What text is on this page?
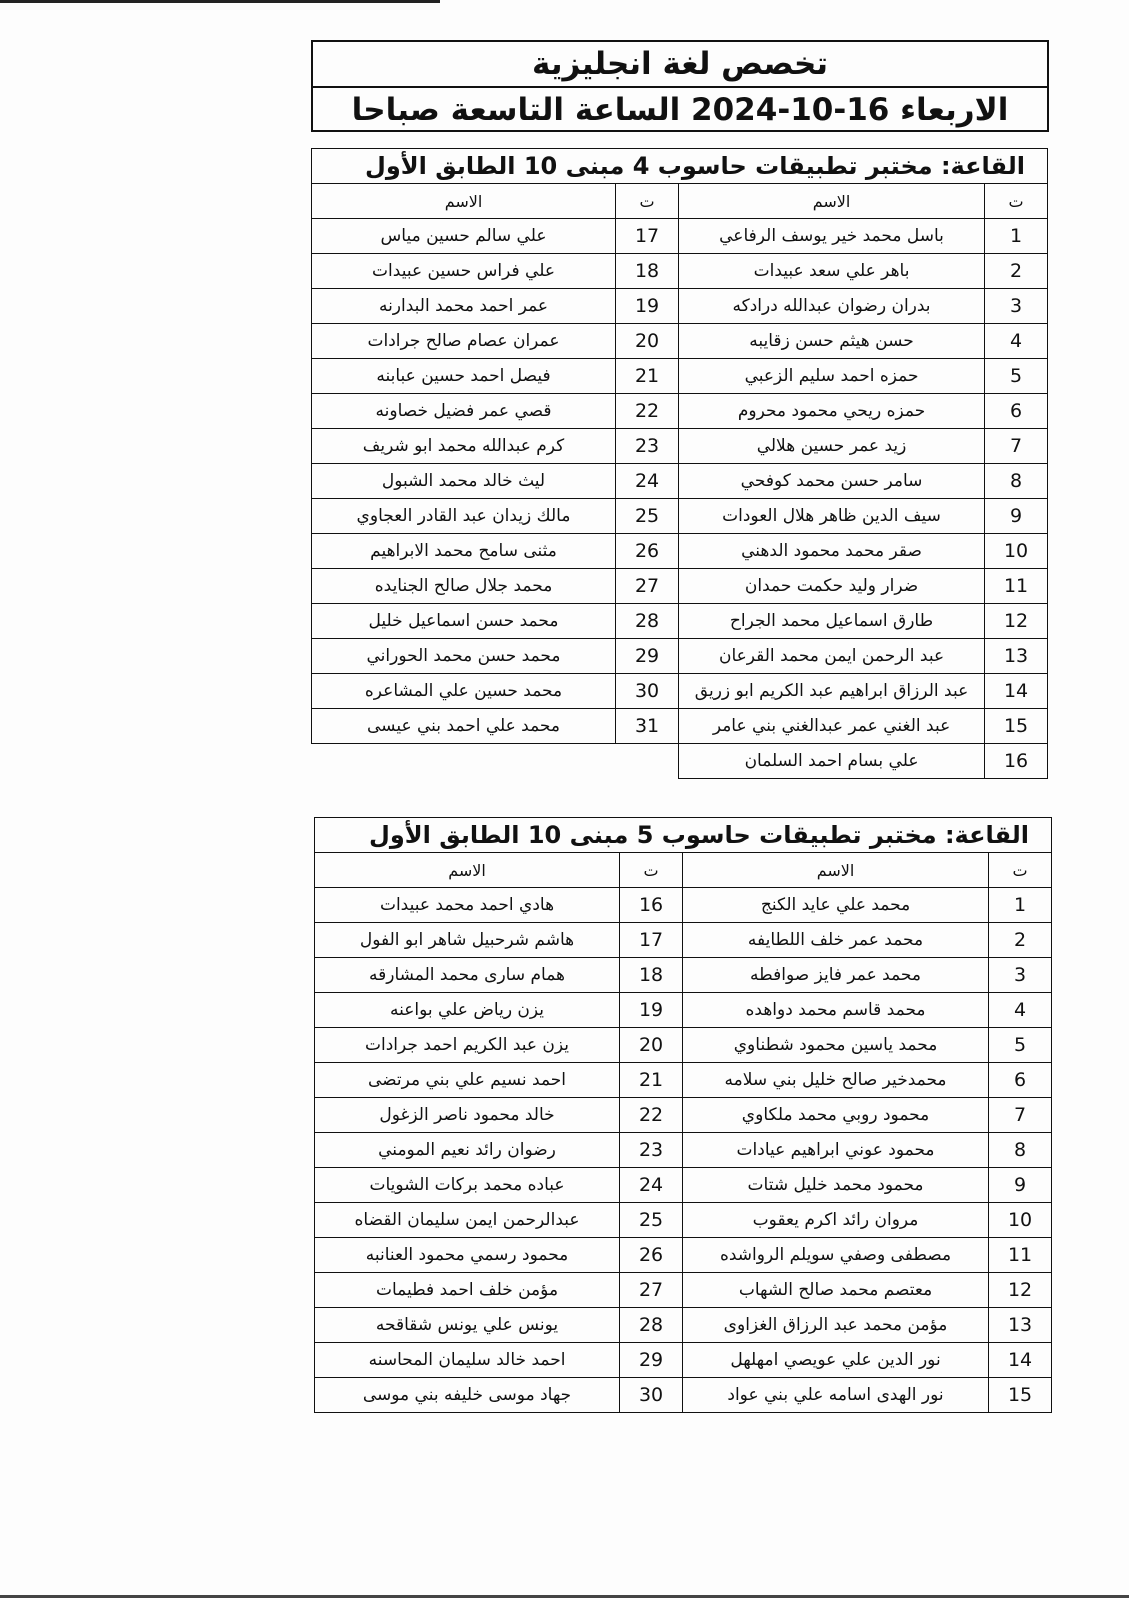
تخصص لغة انجليزية
الاربعاء 16-10-2024 الساعة التاسعة صباحا
القاعة: مختبر تطبيقات حاسوب 4 مبنى 10 الطابق الأول			
ت	الاسم	ت	الاسم
1	باسل محمد خير يوسف الرفاعي	17	علي سالم حسين مياس
2	باهر علي سعد عبيدات	18	علي فراس حسين عبيدات
3	بدران رضوان عبدالله درادكه	19	عمر احمد محمد البدارنه
4	حسن هيثم حسن زقايبه	20	عمران عصام صالح جرادات
5	حمزه احمد سليم الزعبي	21	فيصل احمد حسين عبابنه
6	حمزه ريحي محمود محروم	22	قصي عمر فضيل خصاونه
7	زيد عمر حسين هلالي	23	كرم عبدالله محمد ابو شريف
8	سامر حسن محمد كوفحي	24	ليث خالد محمد الشبول
9	سيف الدين ظاهر هلال العودات	25	مالك زيدان عبد القادر العجاوي
10	صقر محمد محمود الدهني	26	مثنى سامح محمد الابراهيم
11	ضرار وليد حكمت حمدان	27	محمد جلال صالح الجنايده
12	طارق اسماعيل محمد الجراح	28	محمد حسن اسماعيل خليل
13	عبد الرحمن ايمن محمد القرعان	29	محمد حسن محمد الحوراني
14	عبد الرزاق ابراهيم عبد الكريم ابو زريق	30	محمد حسين علي المشاعره
15	عبد الغني عمر عبدالغني بني عامر	31	محمد علي احمد بني عيسى
16	علي بسام احمد السلمان		
القاعة: مختبر تطبيقات حاسوب 5 مبنى 10 الطابق الأول			
ت	الاسم	ت	الاسم
1	محمد علي عايد الكنج	16	هادي احمد محمد عبيدات
2	محمد عمر خلف اللطايفه	17	هاشم شرحبيل شاهر ابو الفول
3	محمد عمر فايز صوافطه	18	همام سارى محمد المشارقه
4	محمد قاسم محمد دواهده	19	يزن رياض علي بواعنه
5	محمد ياسين محمود شطناوي	20	يزن عبد الكريم احمد جرادات
6	محمدخير صالح خليل بني سلامه	21	احمد نسيم علي بني مرتضى
7	محمود روبي محمد ملكاوي	22	خالد محمود ناصر الزغول
8	محمود عوني ابراهيم عيادات	23	رضوان رائد نعيم المومني
9	محمود محمد خليل شتات	24	عباده محمد بركات الشويات
10	مروان رائد اكرم يعقوب	25	عبدالرحمن ايمن سليمان القضاه
11	مصطفى وصفي سويلم الرواشده	26	محمود رسمي محمود العنانبه
12	معتصم محمد صالح الشهاب	27	مؤمن خلف احمد فطيمات
13	مؤمن محمد عبد الرزاق الغزاوى	28	يونس علي يونس شقاقحه
14	نور الدين علي عويصي امهلهل	29	احمد خالد سليمان المحاسنه
15	نور الهدى اسامه علي بني عواد	30	جهاد موسى خليفه بني موسى
